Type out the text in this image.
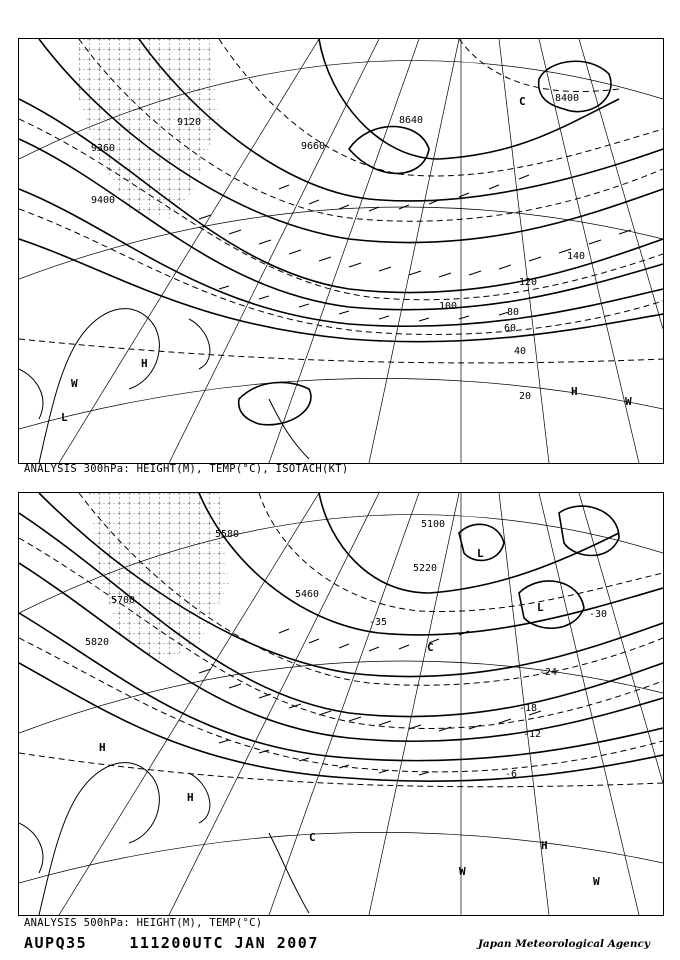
9120
9360
9400
9660
8640
8400
20
40
60
80
100
120
140
H
W
L
C
H
W
ANALYSIS 300hPa: HEIGHT(M), TEMP(°C), ISOTACH(KT)
5580
5700
5820
5460
5220
5100
-35
-30
-24
-18
-12
-6
H
H
C
H
W
W
L
L
C
ANALYSIS 500hPa: HEIGHT(M), TEMP(°C)
AUPQ35	111200UTC JAN 2007	Japan Meteorological Agency
